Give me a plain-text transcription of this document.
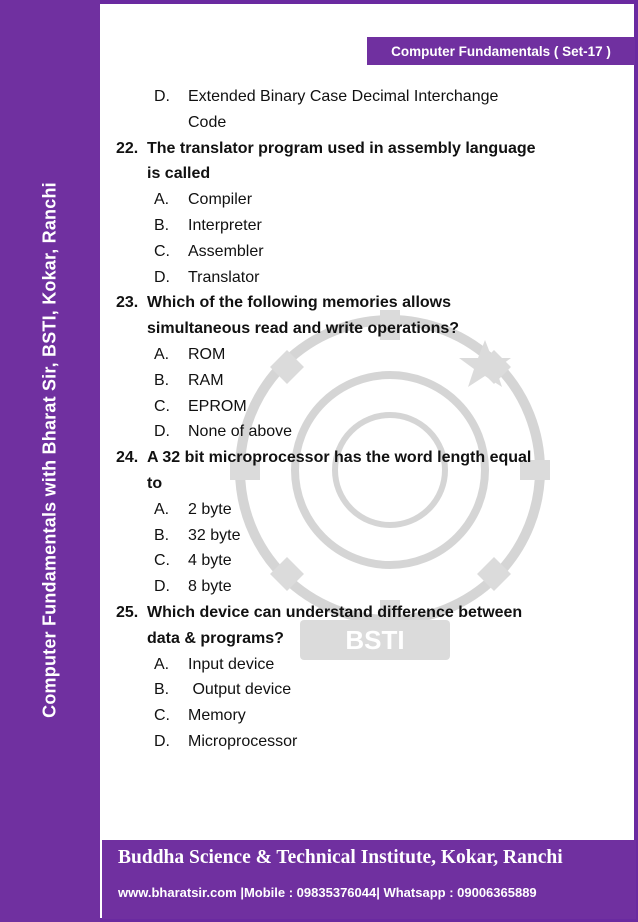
Computer Fundamentals with Bharat Sir, BSTI, Kokar, Ranchi
Computer Fundamentals ( Set-17 )
BSTI
D. Extended Binary Case Decimal Interchange
Code
22. The translator program used in assembly language
is called
A. Compiler
B. Interpreter
C. Assembler
D. Translator
23. Which of the following memories allows
simultaneous read and write operations?
A. ROM
B. RAM
C. EPROM
D. None of above
24. A 32 bit microprocessor has the word length equal
to
A. 2 byte
B. 32 byte
C. 4 byte
D. 8 byte
25. Which device can understand difference between
data & programs?
A. Input device
B. Output device
C. Memory
D. Microprocessor
Buddha Science & Technical Institute, Kokar, Ranchi
www.bharatsir.com |Mobile : 09835376044| Whatsapp : 09006365889
